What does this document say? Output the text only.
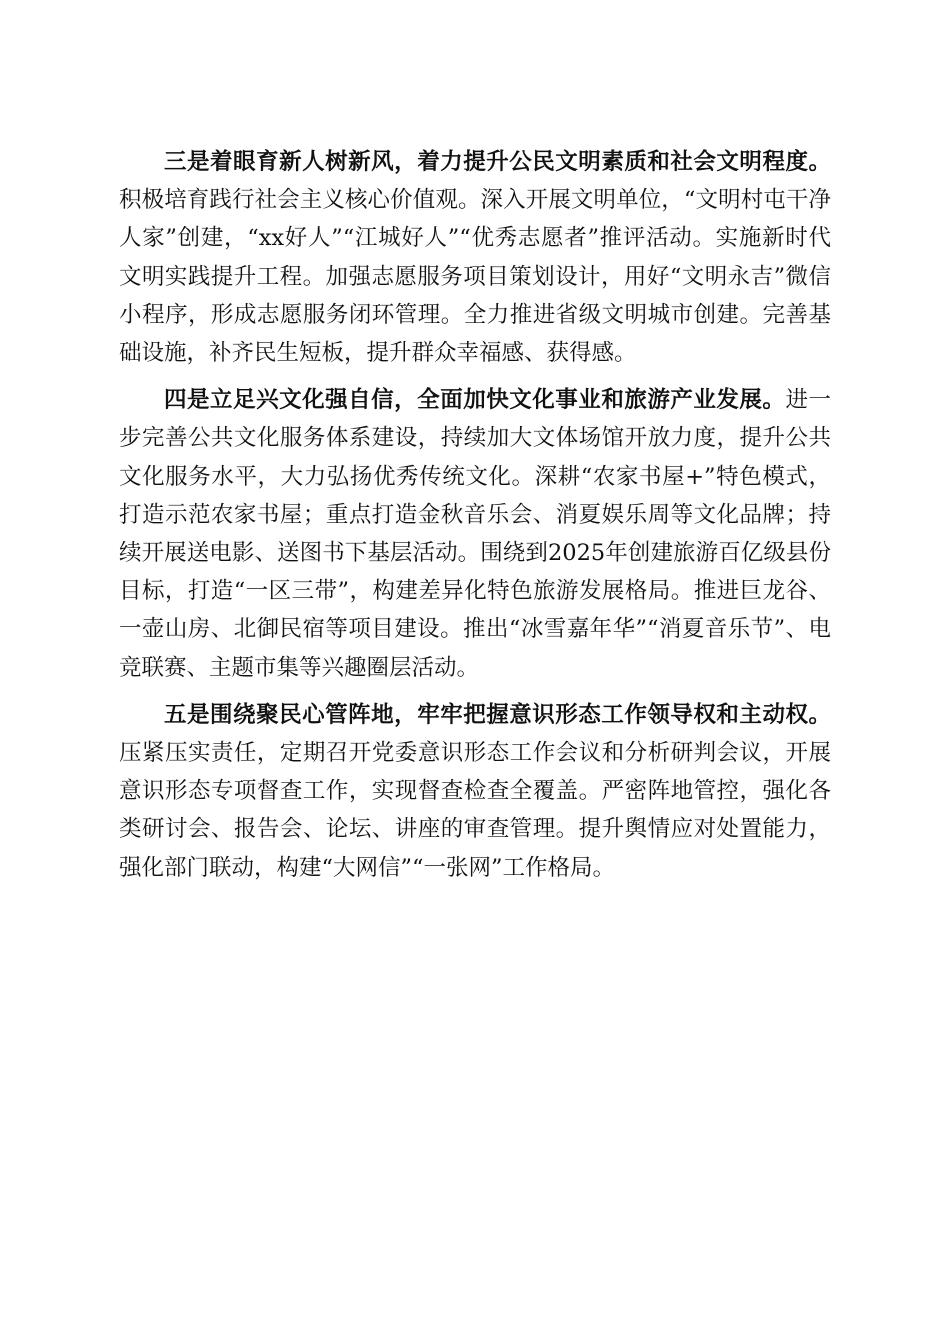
三是着眼育新人树新风，着力提升公民文明素质和社会文明程度。积极培育践行社会主义核心价值观。深入开展文明单位，“文明村屯干净人家”创建，“xx好人”“江城好人”“优秀志愿者”推评活动。实施新时代文明实践提升工程。加强志愿服务项目策划设计，用好“文明永吉”微信小程序，形成志愿服务闭环管理。全力推进省级文明城市创建。完善基础设施，补齐民生短板，提升群众幸福感、获得感。

四是立足兴文化强自信，全面加快文化事业和旅游产业发展。进一步完善公共文化服务体系建设，持续加大文体场馆开放力度，提升公共文化服务水平，大力弘扬优秀传统文化。深耕“农家书屋+”特色模式，打造示范农家书屋；重点打造金秋音乐会、消夏娱乐周等文化品牌；持续开展送电影、送图书下基层活动。围绕到2025年创建旅游百亿级县份目标，打造“一区三带”，构建差异化特色旅游发展格局。推进巨龙谷、一壶山房、北御民宿等项目建设。推出“冰雪嘉年华”“消夏音乐节”、电竞联赛、主题市集等兴趣圈层活动。

五是围绕聚民心管阵地，牢牢把握意识形态工作领导权和主动权。压紧压实责任，定期召开党委意识形态工作会议和分析研判会议，开展意识形态专项督查工作，实现督查检查全覆盖。严密阵地管控，强化各类研讨会、报告会、论坛、讲座的审查管理。提升舆情应对处置能力，强化部门联动，构建“大网信”“一张网”工作格局。
